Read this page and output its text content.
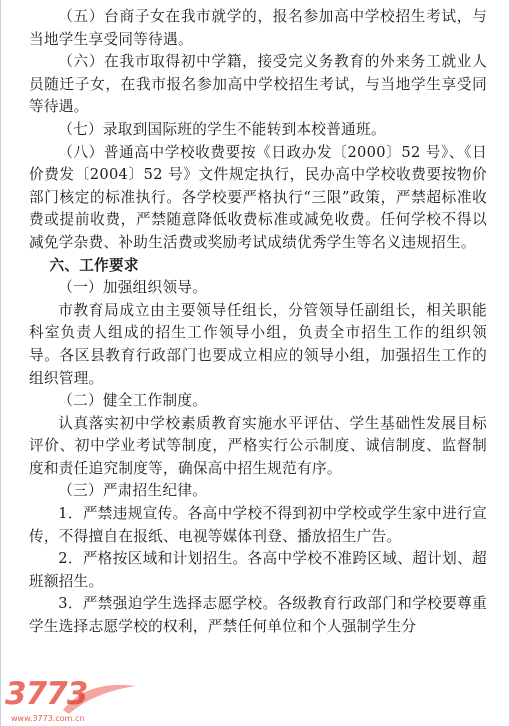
（五）台商子女在我市就学的，报名参加高中学校招生考试，与当地学生享受同等待遇。

（六）在我市取得初中学籍，接受完义务教育的外来务工就业人员随迁子女，在我市报名参加高中学校招生考试，与当地学生享受同等待遇。

（七）录取到国际班的学生不能转到本校普通班。

（八）普通高中学校收费要按《日政办发〔2000〕52 号》、《日价费发〔2004〕52 号》文件规定执行，民办高中学校收费要按物价部门核定的标准执行。各学校要严格执行“三限”政策，严禁超标准收费或提前收费，严禁随意降低收费标准或减免收费。任何学校不得以减免学杂费、补助生活费或奖励考试成绩优秀学生等名义违规招生。

六、工作要求

（一）加强组织领导。

市教育局成立由主要领导任组长，分管领导任副组长，相关职能科室负责人组成的招生工作领导小组，负责全市招生工作的组织领导。各区县教育行政部门也要成立相应的领导小组，加强招生工作的组织管理。

（二）健全工作制度。

认真落实初中学校素质教育实施水平评估、学生基础性发展目标评价、初中学业考试等制度，严格实行公示制度、诚信制度、监督制度和责任追究制度等，确保高中招生规范有序。

（三）严肃招生纪律。

1．严禁违规宣传。各高中学校不得到初中学校或学生家中进行宣传，不得擅自在报纸、电视等媒体刊登、播放招生广告。

2．严格按区域和计划招生。各高中学校不准跨区域、超计划、超班额招生。

3．严禁强迫学生选择志愿学校。各级教育行政部门和学校要尊重学生选择志愿学校的权利，严禁任何单位和个人强制学生分

3773
www.3773.com.cn
